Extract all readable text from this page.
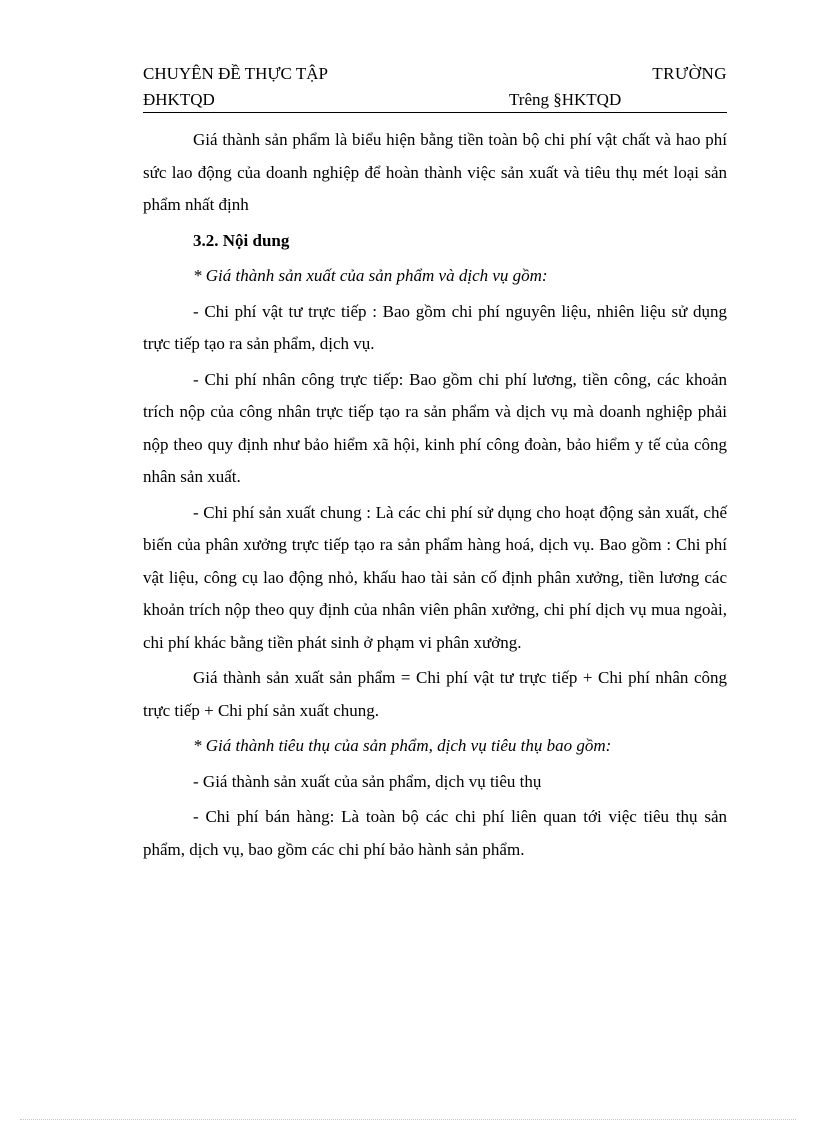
CHUYÊN ĐỀ THỰC TẬP	TRƯỜNG
ĐHKTQD	Trêng §HKTQD

Giá thành sản phẩm là biểu hiện bằng tiền toàn bộ chi phí vật chất và hao phí sức lao động của doanh nghiệp để hoàn thành việc sản xuất và tiêu thụ mét loại sản phẩm nhất định

3.2. Nội dung

* Giá thành sản xuất của sản phẩm và dịch vụ gồm:

- Chi phí vật tư trực tiếp : Bao gồm chi phí nguyên liệu, nhiên liệu sử dụng trực tiếp tạo ra sản phẩm, dịch vụ.

- Chi phí nhân công trực tiếp: Bao gồm chi phí lương, tiền công, các khoản trích nộp của công nhân trực tiếp tạo ra sản phẩm và dịch vụ mà doanh nghiệp phải nộp theo quy định như bảo hiểm xã hội, kinh phí công đoàn, bảo hiểm y tế của công nhân sản xuất.

- Chi phí sản xuất chung : Là các chi phí sử dụng cho hoạt động sản xuất, chế biến của phân xưởng trực tiếp tạo ra sản phẩm hàng hoá, dịch vụ. Bao gồm : Chi phí vật liệu, công cụ lao động nhỏ, khấu hao tài sản cố định phân xưởng, tiền lương các khoản trích nộp theo quy định của nhân viên phân xưởng, chi phí dịch vụ mua ngoài, chi phí khác bằng tiền phát sinh ở phạm vi phân xưởng.

Giá thành sản xuất sản phẩm = Chi phí vật tư trực tiếp + Chi phí nhân công trực tiếp + Chi phí sản xuất chung.

* Giá thành tiêu thụ của sản phẩm, dịch vụ tiêu thụ bao gồm:

- Giá thành sản xuất của sản phẩm, dịch vụ tiêu thụ

- Chi phí bán hàng: Là toàn bộ các chi phí liên quan tới việc tiêu thụ sản phẩm, dịch vụ, bao gồm các chi phí bảo hành sản phẩm.
